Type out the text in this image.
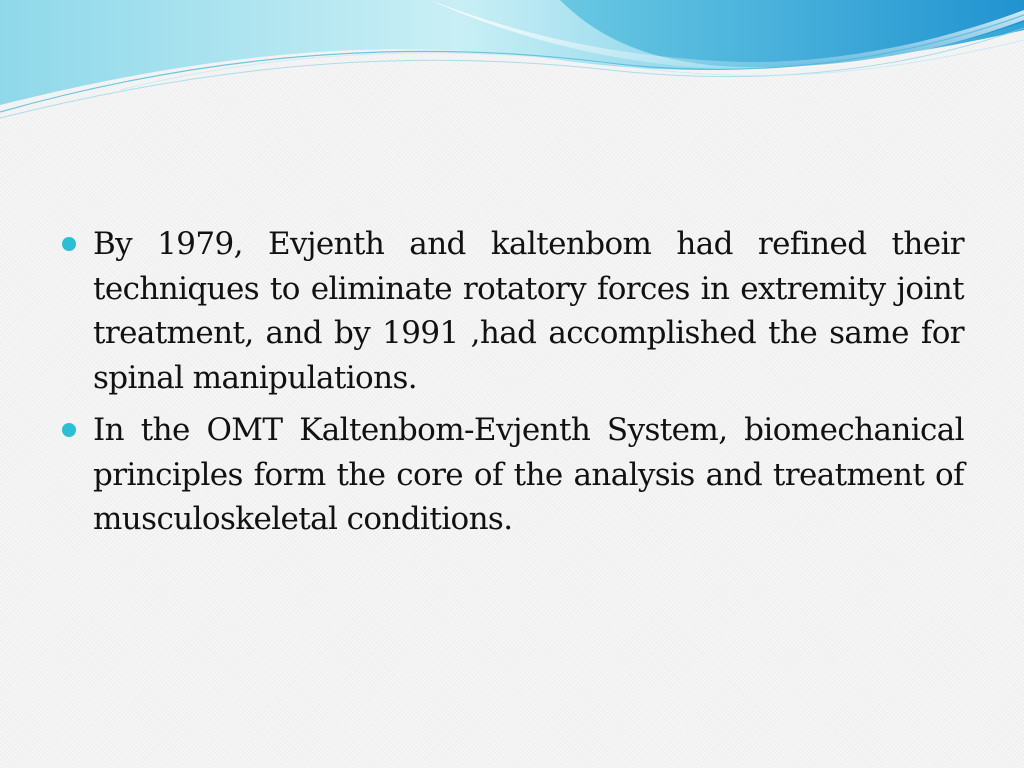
By 1979, Evjenth and kaltenbom had refined their techniques to eliminate rotatory forces in extremity joint treatment, and by 1991 ,had accomplished the same for spinal manipulations.
In the OMT Kaltenbom-Evjenth System, biomechanical principles form the core of the analysis and treatment of musculoskeletal conditions.
